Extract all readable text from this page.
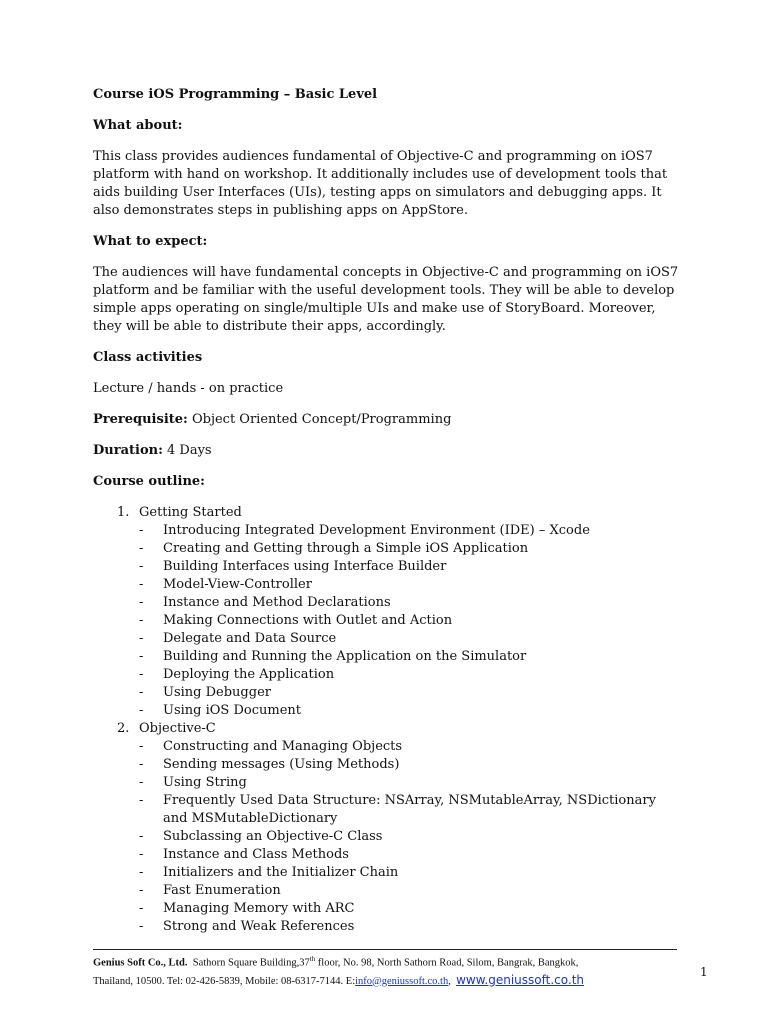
Course iOS Programming – Basic Level

What about:

This class provides audiences fundamental of Objective-C and programming on iOS7 platform with hand on workshop. It additionally includes use of development tools that aids building User Interfaces (UIs), testing apps on simulators and debugging apps. It also demonstrates steps in publishing apps on AppStore.

What to expect:

The audiences will have fundamental concepts in Objective-C and programming on iOS7 platform and be familiar with the useful development tools. They will be able to develop simple apps operating on single/multiple UIs and make use of StoryBoard. Moreover, they will be able to distribute their apps, accordingly.

Class activities

Lecture / hands - on practice

Prerequisite: Object Oriented Concept/Programming

Duration: 4 Days

Course outline:

1. Getting Started
- Introducing Integrated Development Environment (IDE) – Xcode
- Creating and Getting through a Simple iOS Application
- Building Interfaces using Interface Builder
- Model-View-Controller
- Instance and Method Declarations
- Making Connections with Outlet and Action
- Delegate and Data Source
- Building and Running the Application on the Simulator
- Deploying the Application
- Using Debugger
- Using iOS Document
2. Objective-C
- Constructing and Managing Objects
- Sending messages (Using Methods)
- Using String
- Frequently Used Data Structure: NSArray, NSMutableArray, NSDictionary and MSMutableDictionary
- Subclassing an Objective-C Class
- Instance and Class Methods
- Initializers and the Initializer Chain
- Fast Enumeration
- Managing Memory with ARC
- Strong and Weak References
Genius Soft Co., Ltd. Sathorn Square Building,37th floor, No. 98, North Sathorn Road, Silom, Bangrak, Bangkok,
Thailand, 10500. Tel: 02-426-5839, Mobile: 08-6317-7144. E:info@geniussoft.co.th,  www.geniussoft.co.th
1
